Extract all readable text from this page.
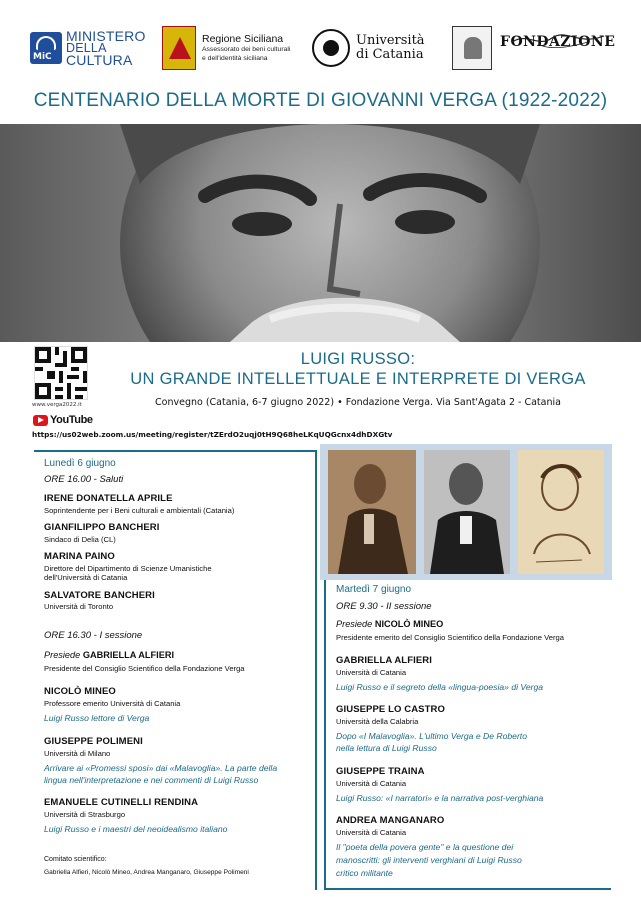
MiC
MINISTERO
DELLA
CULTURA
Regione Siciliana
Assessorato dei beni culturali
e dell'identità siciliana
Università
di Catania
FONDAZIONE
CENTENARIO DELLA MORTE DI GIOVANNI VERGA (1922-2022)
www.verga2022.it
YouTube
LUIGI RUSSO:
UN GRANDE INTELLETTUALE E INTERPRETE DI VERGA
Convegno (Catania, 6-7 giugno 2022) • Fondazione Verga. Via Sant'Agata 2 - Catania
https://us02web.zoom.us/meeting/register/tZErdO2uqj0tH9Q68heLKqUQGcnx4dhDXGtv
Lunedì 6 giugno
ORE 16.00 - Saluti
IRENE DONATELLA APRILE
Soprintendente per i Beni culturali e ambientali (Catania)
GIANFILIPPO BANCHERI
Sindaco di Delia (CL)
MARINA PAINO
Direttore del Dipartimento di Scienze Umanistiche
dell'Università di Catania
SALVATORE BANCHERI
Università di Toronto
ORE 16.30 - I sessione
Presiede GABRIELLA ALFIERI
Presidente del Consiglio Scientifico della Fondazione Verga
NICOLÒ MINEO
Professore emerito Università di Catania
Luigi Russo lettore di Verga
GIUSEPPE POLIMENI
Università di Milano
Arrivare ai «Promessi sposi» dai «Malavoglia». La parte della
lingua nell'interpretazione e nei commenti di Luigi Russo
EMANUELE CUTINELLI RENDINA
Università di Strasburgo
Luigi Russo e i maestri del neoidealismo italiano
Comitato scientifico:
Gabriella Alfieri, Nicolò Mineo, Andrea Manganaro, Giuseppe Polimeni
Martedì 7 giugno
ORE 9.30 - II sessione
Presiede NICOLÒ MINEO
Presidente emerito del Consiglio Scientifico della Fondazione Verga
GABRIELLA ALFIERI
Università di Catania
Luigi Russo e il segreto della «lingua-poesia» di Verga
GIUSEPPE LO CASTRO
Università della Calabria
Dopo «I Malavoglia». L'ultimo Verga e De Roberto
nella lettura di Luigi Russo
GIUSEPPE TRAINA
Università di Catania
Luigi Russo: «I narratori» e la narrativa post-verghiana
ANDREA MANGANARO
Università di Catania
Il "poeta della povera gente" e la questione dei
manoscritti: gli interventi verghiani di Luigi Russo
critico militante
